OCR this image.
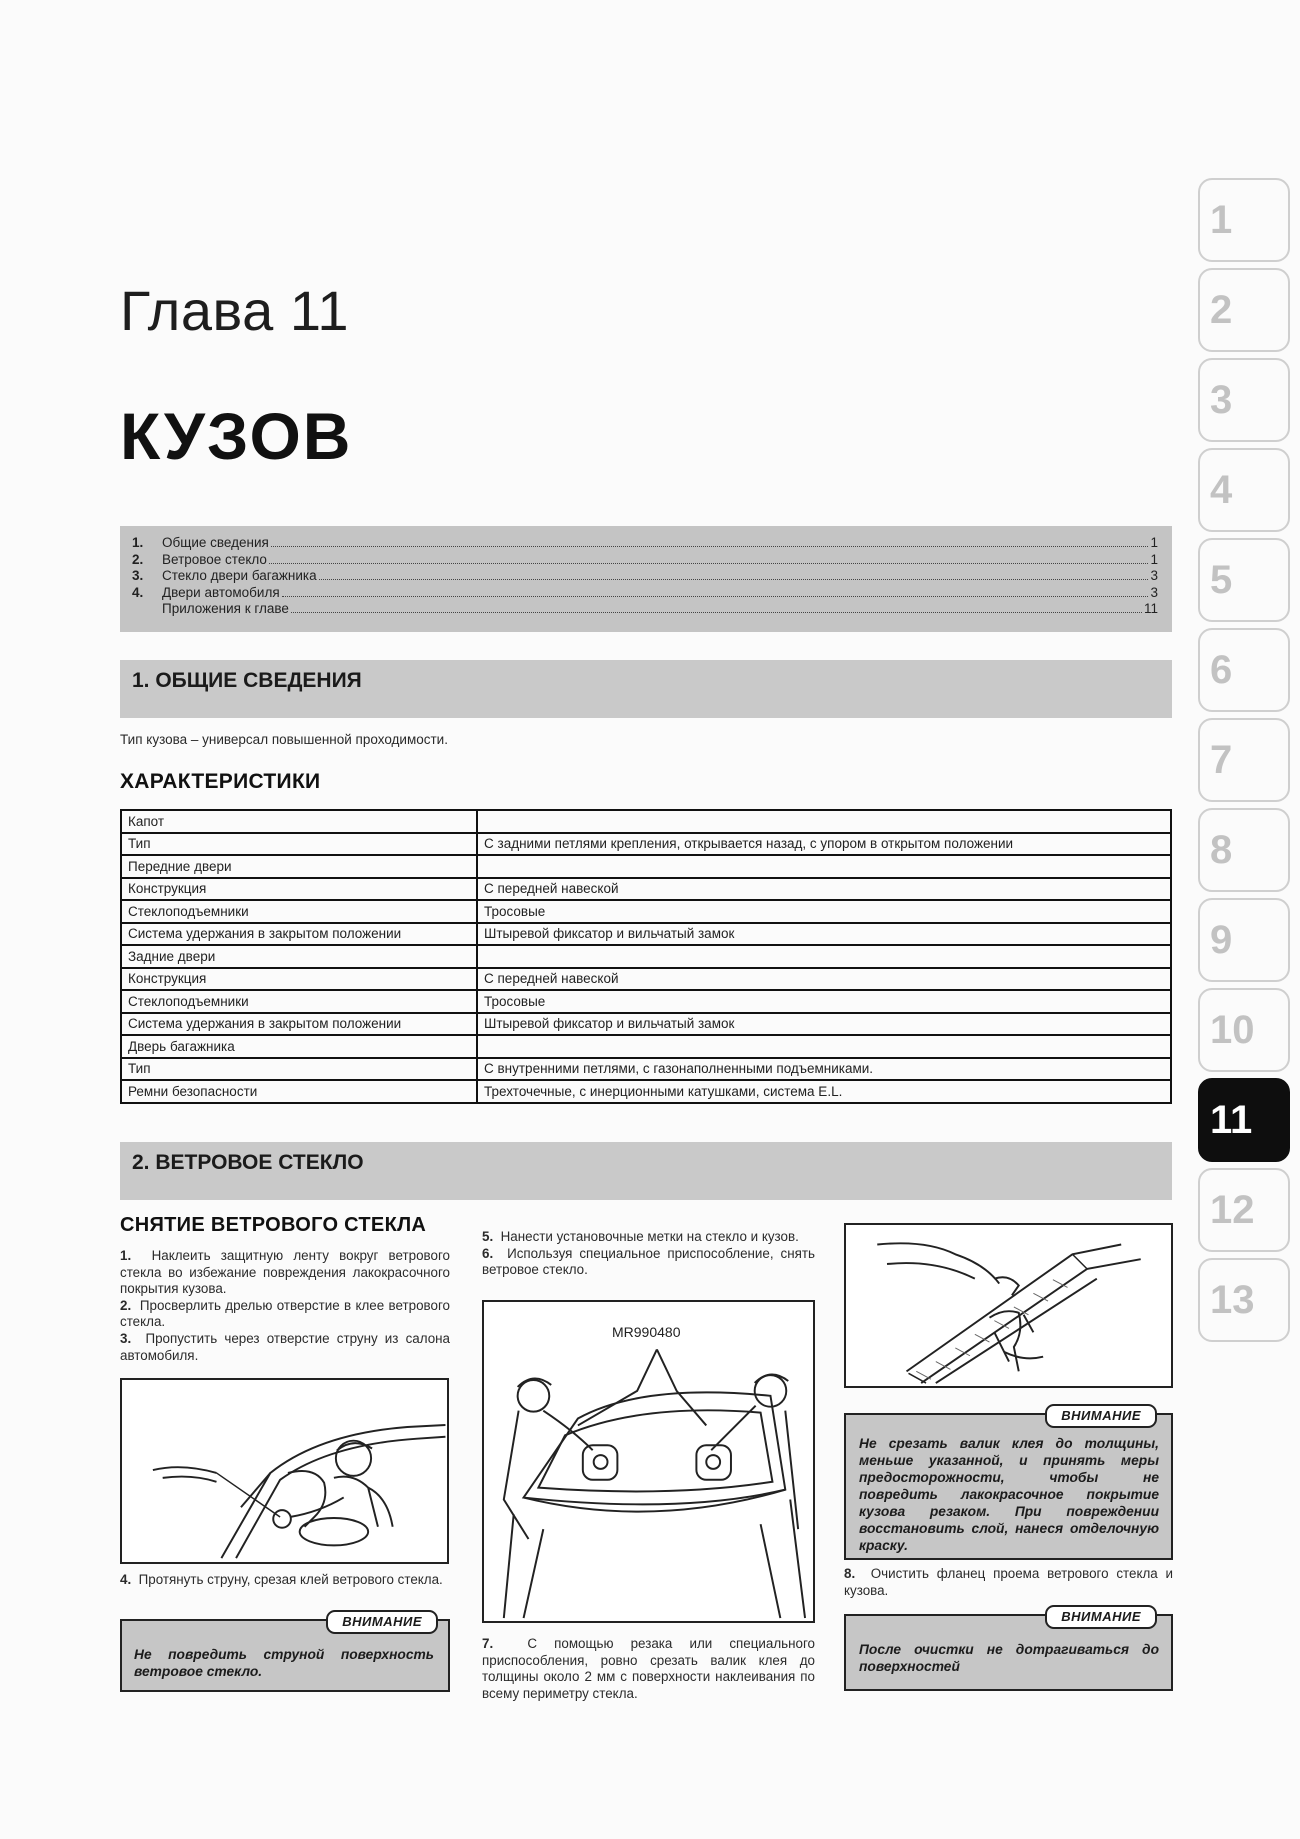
Глава 11
КУЗОВ
1.	Общие сведения	1
2.	Ветровое стекло	1
3.	Стекло двери багажника	3
4.	Двери автомобиля	3
Приложения к главе	11
1. ОБЩИЕ СВЕДЕНИЯ
Тип кузова – универсал повышенной проходимости.
ХАРАКТЕРИСТИКИ
Капот	
Тип	С задними петлями крепления, открывается назад, с упором в открытом положении
Передние двери	
Конструкция	С передней навеской
Стеклоподъемники	Тросовые
Система удержания в закрытом положении	Штыревой фиксатор и вильчатый замок
Задние двери	
Конструкция	С передней навеской
Стеклоподъемники	Тросовые
Система удержания в закрытом положении	Штыревой фиксатор и вильчатый замок
Дверь багажника	
Тип	С внутренними петлями, с газонаполненными подъемниками.
Ремни безопасности	Трехточечные, с инерционными катушками, система E.L.
2. ВЕТРОВОЕ СТЕКЛО
СНЯТИЕ ВЕТРОВОГО СТЕКЛА

1. Наклеить защитную ленту вокруг ветрового стекла во избежание повреждения лакокрасочного покрытия кузова.

2. Просверлить дрелью отверстие в клее ветрового стекла.

3. Пропустить через отверстие струну из салона автомобиля.

4. Протянуть струну, срезая клей ветрового стекла.
ВНИМАНИЕ
Не повредить струной поверхность ветровое стекло.

5. Нанести установочные метки на стекло и кузов.

6. Используя специальное приспособление, снять ветровое стекло.

MR990480
7.	С помощью резака или специального приспособления, ровно срезать валик клея до толщины около 2 мм с поверхности наклеивания по всему периметру стекла.
ВНИМАНИЕ
Не срезать валик клея до толщины, меньше указанной, и принять меры предосторожности, чтобы не повредить лакокрасочное покрытие кузова резаком. При повреждении восстановить слой, нанеся отделочную краску.
8. Очистить фланец проема ветрового стекла и кузова.
ВНИМАНИЕ
После очистки не дотрагиваться до поверхностей
1
2
3
4
5
6
7
8
9
10
11
12
13
